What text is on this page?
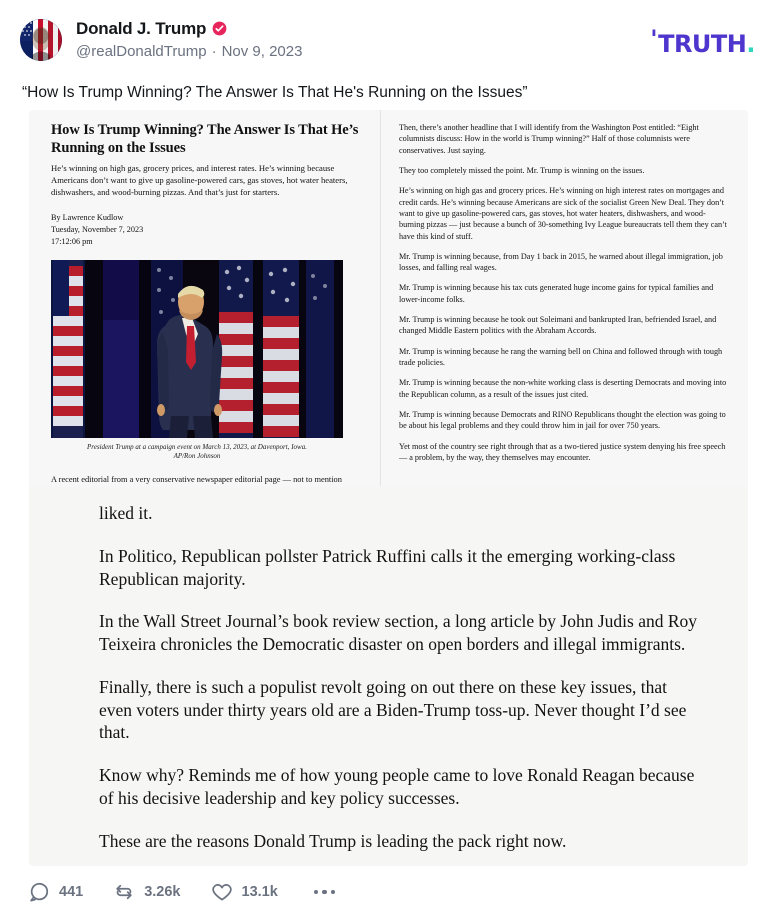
Donald J. Trump
@realDonaldTrump · Nov 9, 2023	' TRUTH .
“How Is Trump Winning? The Answer Is That He's Running on the Issues”
How Is Trump Winning? The Answer Is That He’s Running on the Issues
He’s winning on high gas, grocery prices, and interest rates. He’s winning because Americans don’t want to give up gasoline-powered cars, gas stoves, hot water heaters, dishwashers, and wood-burning pizzas. And that’s just for starters.
By Lawrence Kudlow
Tuesday, November 7, 2023
17:12:06 pm
President Trump at a campaign event on March 13, 2023, at Davenport, Iowa.
AP/Ron Johnson
A recent editorial from a very conservative newspaper editorial page — not to mention

Then, there’s another headline that I will identify from the Washington Post entitled: “Eight columnists discuss: How in the world is Trump winning?” Half of those columnists were conservatives. Just saying.

They too completely missed the point. Mr. Trump is winning on the issues.

He’s winning on high gas and grocery prices. He’s winning on high interest rates on mortgages and credit cards. He’s winning because Americans are sick of the socialist Green New Deal. They don’t want to give up gasoline-powered cars, gas stoves, hot water heaters, dishwashers, and wood-burning pizzas — just because a bunch of 30-something Ivy League bureaucrats tell them they can’t have this kind of stuff.

Mr. Trump is winning because, from Day 1 back in 2015, he warned about illegal immigration, job losses, and falling real wages.

Mr. Trump is winning because his tax cuts generated huge income gains for typical families and lower-income folks.

Mr. Trump is winning because he took out Soleimani and bankrupted Iran, befriended Israel, and changed Middle Eastern politics with the Abraham Accords.

Mr. Trump is winning because he rang the warning bell on China and followed through with tough trade policies.

Mr. Trump is winning because the non-white working class is deserting Democrats and moving into the Republican column, as a result of the issues just cited.

Mr. Trump is winning because Democrats and RINO Republicans thought the election was going to be about his legal problems and they could throw him in jail for over 750 years.

Yet most of the country see right through that as a two-tiered justice system denying his free speech — a problem, by the way, they themselves may encounter.

liked it.

In Politico, Republican pollster Patrick Ruffini calls it the emerging working-class Republican majority.

In the Wall Street Journal’s book review section, a long article by John Judis and Roy Teixeira chronicles the Democratic disaster on open borders and illegal immigrants.

Finally, there is such a populist revolt going on out there on these key issues, that even voters under thirty years old are a Biden-Trump toss-up. Never thought I’d see that.

Know why? Reminds me of how young people came to love Ronald Reagan because of his decisive leadership and key policy successes.

These are the reasons Donald Trump is leading the pack right now.

441	3.26k	13.1k
